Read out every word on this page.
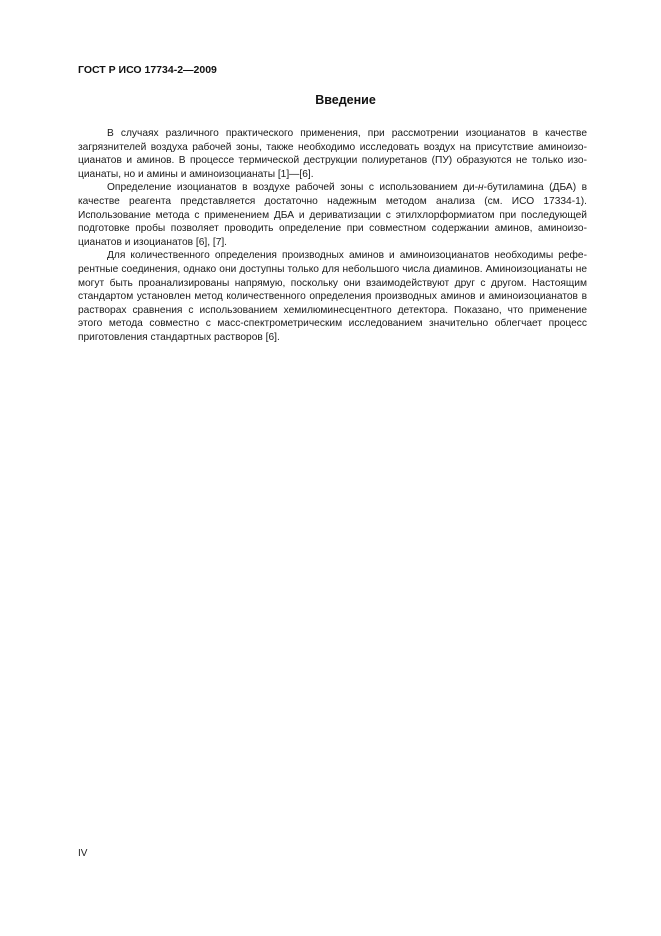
ГОСТ Р ИСО 17734-2—2009
Введение

В случаях различного практического применения, при рассмотрении изоцианатов в качестве загрязнителей воздуха рабочей зоны, также необходимо исследовать воздух на присутствие аминоизоцианатов и аминов. В процессе термической деструкции полиуретанов (ПУ) образуются не только изоцианаты, но и амины и аминоизоцианаты [1]—[6].

Определение изоцианатов в воздухе рабочей зоны с использованием ди-н-бутиламина (ДБА) в качестве реагента представляется достаточно надежным методом анализа (см. ИСО 17334-1). Использование метода с применением ДБА и дериватизации с этилхлорформиатом при последующей подготовке пробы позволяет проводить определение при совместном содержании аминов, аминоизоцианатов и изоцианатов [6], [7].

Для количественного определения производных аминов и аминоизоцианатов необходимы референтные соединения, однако они доступны только для небольшого числа диаминов. Аминоизоцианаты не могут быть проанализированы напрямую, поскольку они взаимодействуют друг с другом. Настоящим стандартом установлен метод количественного определения производных аминов и аминоизоцианатов в растворах сравнения с использованием хемилюминесцентного детектора. Показано, что применение этого метода совместно с масс-спектрометрическим исследованием значительно облегчает процесс приготовления стандартных растворов [6].

IV
